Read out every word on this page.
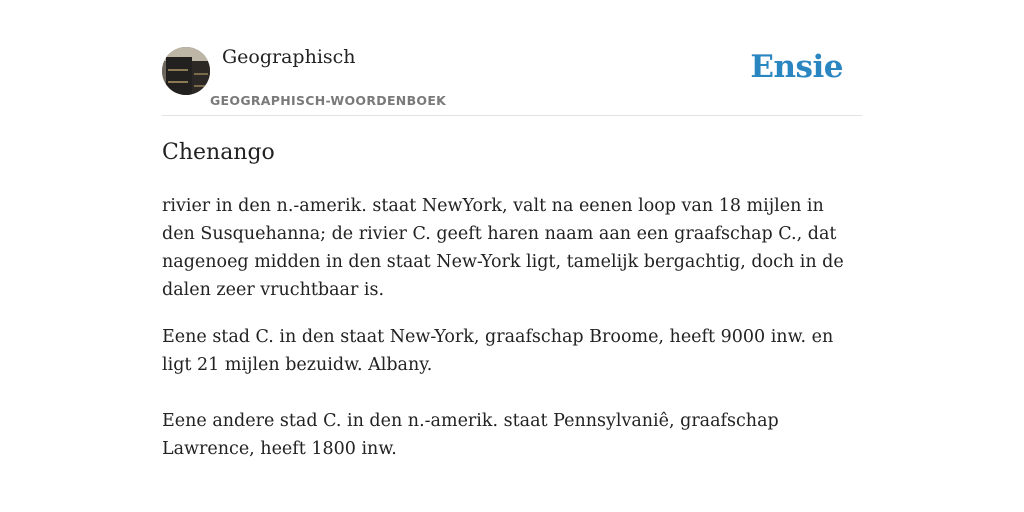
Geographisch
GEOGRAPHISCH-WOORDENBOEK
Ensie
Chenango

rivier in den n.-amerik. staat NewYork, valt na eenen loop van 18 mijlen in den Susquehanna; de rivier C. geeft haren naam aan een graafschap C., dat nagenoeg midden in den staat New-York ligt, tamelijk bergachtig, doch in de dalen zeer vruchtbaar is.

Eene stad C. in den staat New-York, graafschap Broome, heeft 9000 inw. en ligt 21 mijlen bezuidw. Albany.

Eene andere stad C. in den n.-amerik. staat Pennsylvaniê, graafschap Lawrence, heeft 1800 inw.
